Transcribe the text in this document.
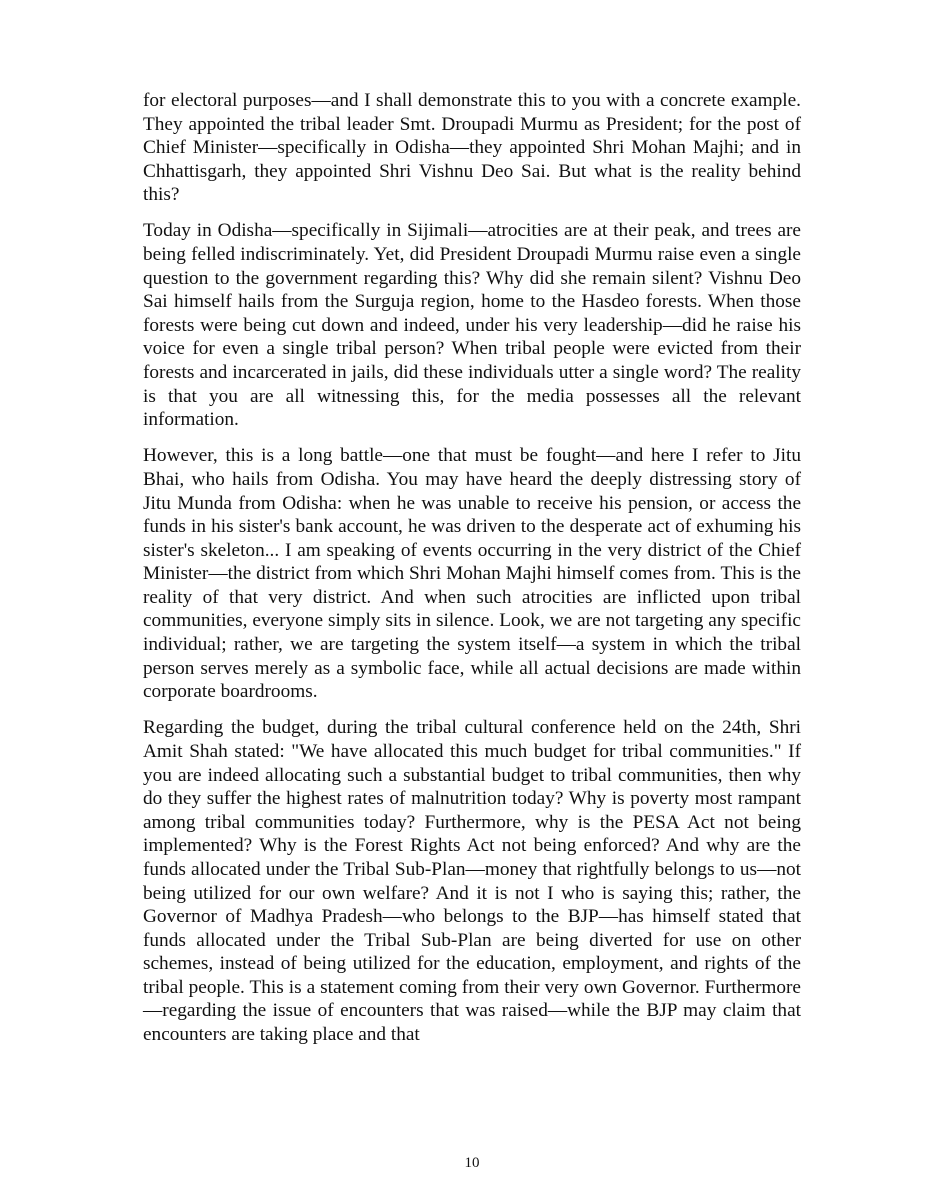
for electoral purposes—and I shall demonstrate this to you with a concrete example. They appointed the tribal leader Smt. Droupadi Murmu as President; for the post of Chief Minister—specifically in Odisha—they appointed Shri Mohan Majhi; and in Chhattisgarh, they appointed Shri Vishnu Deo Sai. But what is the reality behind this?

Today in Odisha—specifically in Sijimali—atrocities are at their peak, and trees are being felled indiscriminately. Yet, did President Droupadi Murmu raise even a single question to the government regarding this? Why did she remain silent? Vishnu Deo Sai himself hails from the Surguja region, home to the Hasdeo forests. When those forests were being cut down and indeed, under his very leadership—did he raise his voice for even a single tribal person? When tribal people were evicted from their forests and incarcerated in jails, did these individuals utter a single word? The reality is that you are all witnessing this, for the media possesses all the relevant information.

However, this is a long battle—one that must be fought—and here I refer to Jitu Bhai, who hails from Odisha. You may have heard the deeply distressing story of Jitu Munda from Odisha: when he was unable to receive his pension, or access the funds in his sister's bank account, he was driven to the desperate act of exhuming his sister's skeleton... I am speaking of events occurring in the very district of the Chief Minister—the district from which Shri Mohan Majhi himself comes from. This is the reality of that very district. And when such atrocities are inflicted upon tribal communities, everyone simply sits in silence. Look, we are not targeting any specific individual; rather, we are targeting the system itself—a system in which the tribal person serves merely as a symbolic face, while all actual decisions are made within corporate boardrooms.

Regarding the budget, during the tribal cultural conference held on the 24th, Shri Amit Shah stated: "We have allocated this much budget for tribal communities." If you are indeed allocating such a substantial budget to tribal communities, then why do they suffer the highest rates of malnutrition today? Why is poverty most rampant among tribal communities today? Furthermore, why is the PESA Act not being implemented? Why is the Forest Rights Act not being enforced? And why are the funds allocated under the Tribal Sub-Plan—money that rightfully belongs to us—not being utilized for our own welfare? And it is not I who is saying this; rather, the Governor of Madhya Pradesh—who belongs to the BJP—has himself stated that funds allocated under the Tribal Sub-Plan are being diverted for use on other schemes, instead of being utilized for the education, employment, and rights of the tribal people. This is a statement coming from their very own Governor. Furthermore—regarding the issue of encounters that was raised—while the BJP may claim that encounters are taking place and that

10
